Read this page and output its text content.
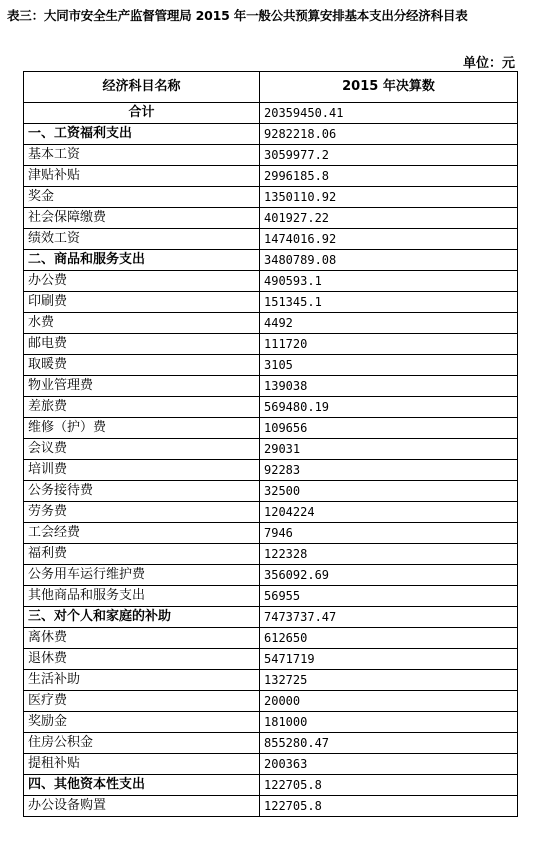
表三：大同市安全生产监督管理局 2015 年一般公共预算安排基本支出分经济科目表
单位：元
经济科目名称	2015 年决算数
合计	20359450.41
一、工资福利支出	9282218.06
基本工资	3059977.2
津贴补贴	2996185.8
奖金	1350110.92
社会保障缴费	401927.22
绩效工资	1474016.92
二、商品和服务支出	3480789.08
办公费	490593.1
印刷费	151345.1
水费	4492
邮电费	111720
取暖费	3105
物业管理费	139038
差旅费	569480.19
维修（护）费	109656
会议费	29031
培训费	92283
公务接待费	32500
劳务费	1204224
工会经费	7946
福利费	122328
公务用车运行维护费	356092.69
其他商品和服务支出	56955
三、对个人和家庭的补助	7473737.47
离休费	612650
退休费	5471719
生活补助	132725
医疗费	20000
奖励金	181000
住房公积金	855280.47
提租补贴	200363
四、其他资本性支出	122705.8
办公设备购置	122705.8
